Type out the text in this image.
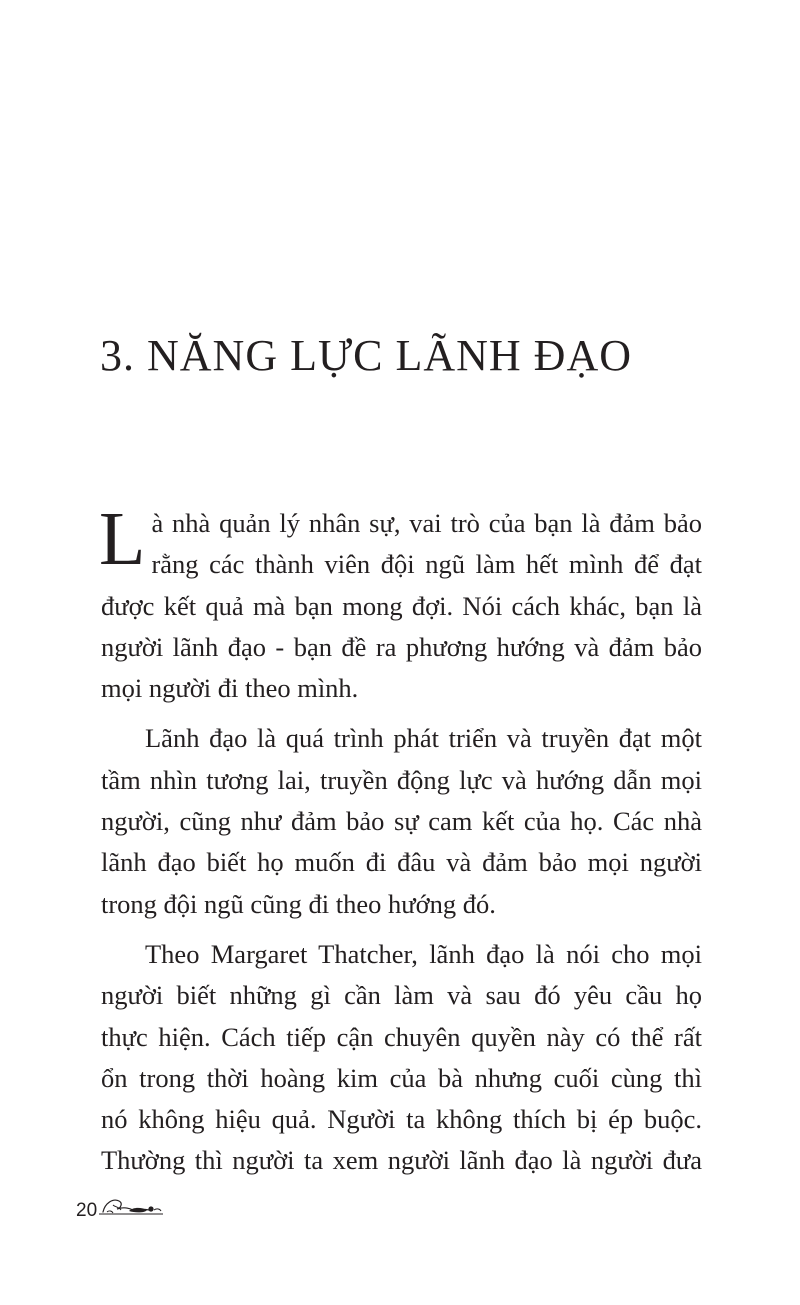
3. NĂNG LỰC LÃNH ĐẠO

L à nhà quản lý nhân sự, vai trò của bạn là đảm bảo
rằng các thành viên đội ngũ làm hết mình để đạt
được kết quả mà bạn mong đợi. Nói cách khác, bạn là
người lãnh đạo - bạn đề ra phương hướng và đảm bảo
mọi người đi theo mình.

Lãnh đạo là quá trình phát triển và truyền đạt một
tầm nhìn tương lai, truyền động lực và hướng dẫn mọi
người, cũng như đảm bảo sự cam kết của họ. Các nhà
lãnh đạo biết họ muốn đi đâu và đảm bảo mọi người
trong đội ngũ cũng đi theo hướng đó.

Theo Margaret Thatcher, lãnh đạo là nói cho mọi
người biết những gì cần làm và sau đó yêu cầu họ
thực hiện. Cách tiếp cận chuyên quyền này có thể rất
ổn trong thời hoàng kim của bà nhưng cuối cùng thì
nó không hiệu quả. Người ta không thích bị ép buộc.
Thường thì người ta xem người lãnh đạo là người đưa

20
